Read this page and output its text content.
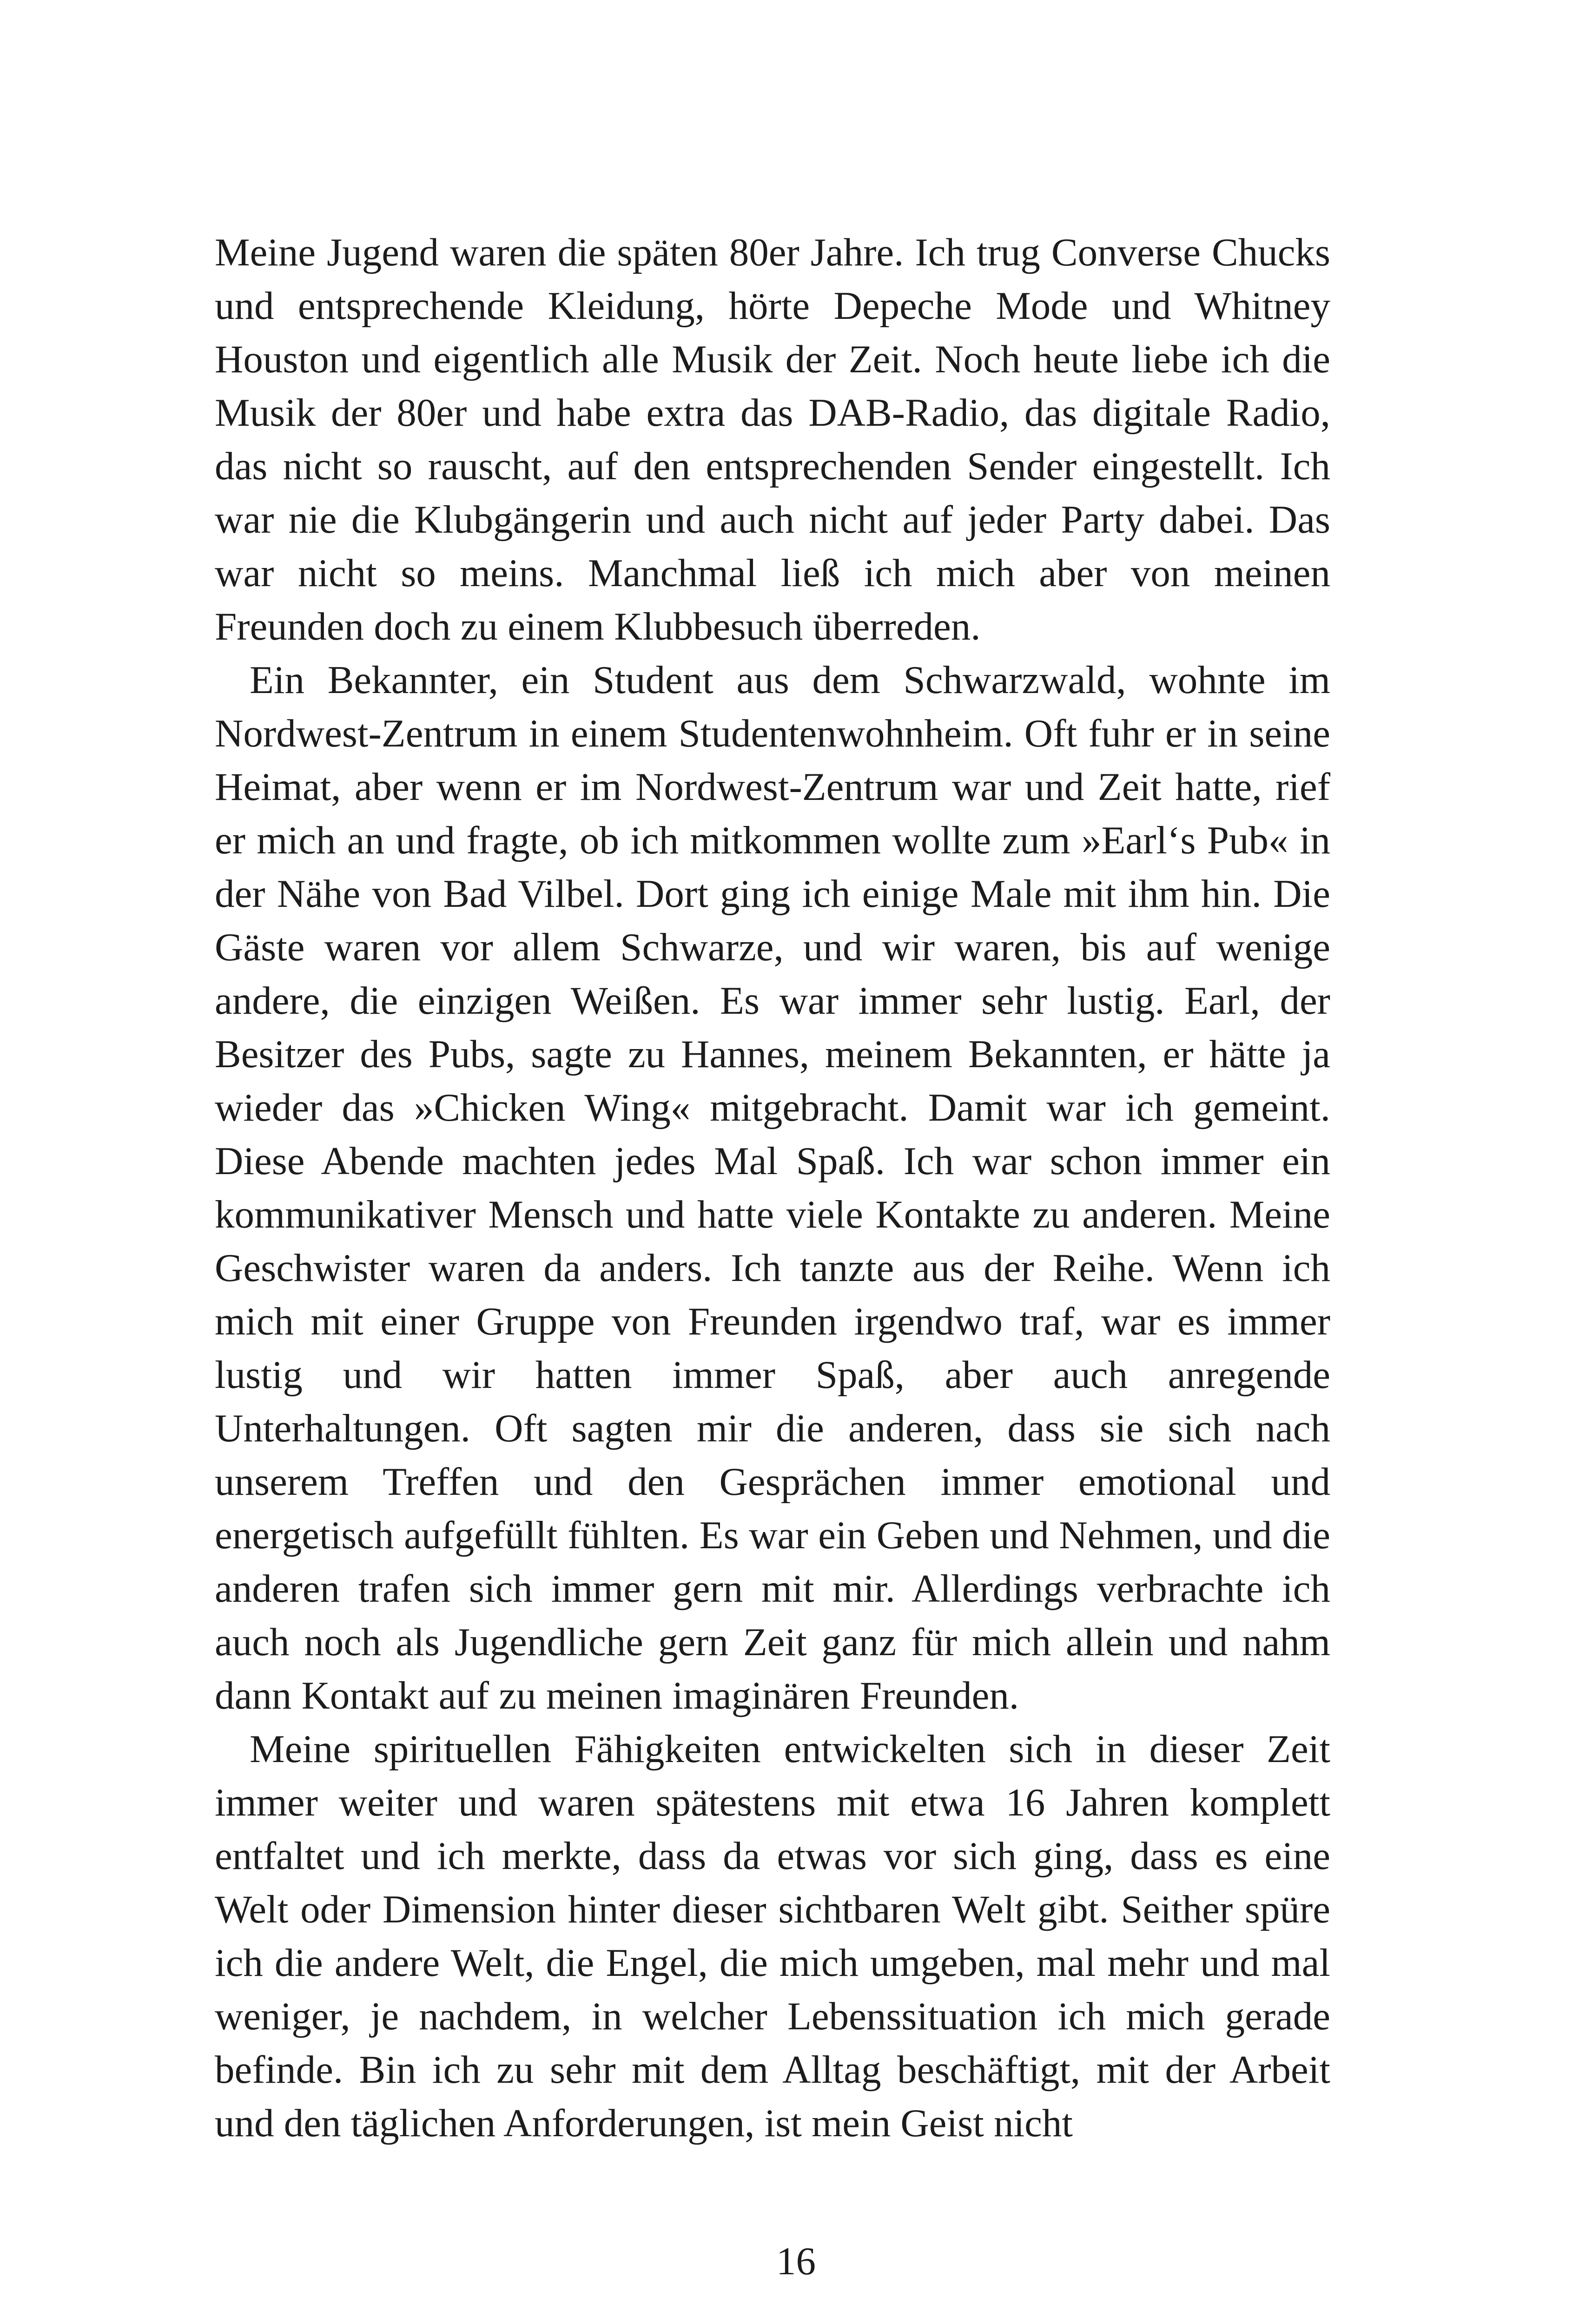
Meine Jugend waren die späten 80er Jahre. Ich trug Converse Chucks und entsprechende Kleidung, hörte Depeche Mode und Whitney Houston und eigentlich alle Musik der Zeit. Noch heute liebe ich die Musik der 80er und habe extra das DAB-Radio, das digitale Radio, das nicht so rauscht, auf den entsprechenden Sender eingestellt. Ich war nie die Klubgängerin und auch nicht auf jeder Party dabei. Das war nicht so meins. Manchmal ließ ich mich aber von meinen Freunden doch zu einem Klubbesuch überreden.

Ein Bekannter, ein Student aus dem Schwarzwald, wohnte im Nordwest-Zentrum in einem Studentenwohnheim. Oft fuhr er in seine Heimat, aber wenn er im Nordwest-Zentrum war und Zeit hatte, rief er mich an und fragte, ob ich mitkommen wollte zum »Earl‘s Pub« in der Nähe von Bad Vilbel. Dort ging ich einige Male mit ihm hin. Die Gäste waren vor allem Schwarze, und wir waren, bis auf wenige andere, die einzigen Weißen. Es war immer sehr lustig. Earl, der Besitzer des Pubs, sagte zu Hannes, meinem Bekannten, er hätte ja wieder das »Chicken Wing« mitgebracht. Damit war ich gemeint. Diese Abende machten jedes Mal Spaß. Ich war schon immer ein kommunikativer Mensch und hatte viele Kontakte zu anderen. Meine Geschwister waren da anders. Ich tanzte aus der Reihe. Wenn ich mich mit einer Gruppe von Freunden irgendwo traf, war es immer lustig und wir hatten immer Spaß, aber auch anregende Unterhaltungen. Oft sagten mir die anderen, dass sie sich nach unserem Treffen und den Gesprächen immer emotional und energetisch aufgefüllt fühlten. Es war ein Geben und Nehmen, und die anderen trafen sich immer gern mit mir. Allerdings verbrachte ich auch noch als Jugendliche gern Zeit ganz für mich allein und nahm dann Kontakt auf zu meinen imaginären Freunden.

Meine spirituellen Fähigkeiten entwickelten sich in dieser Zeit immer weiter und waren spätestens mit etwa 16 Jahren komplett entfaltet und ich merkte, dass da etwas vor sich ging, dass es eine Welt oder Dimension hinter dieser sichtbaren Welt gibt. Seither spüre ich die andere Welt, die Engel, die mich umgeben, mal mehr und mal weniger, je nachdem, in welcher Lebenssituation ich mich gerade befinde. Bin ich zu sehr mit dem Alltag beschäftigt, mit der Arbeit und den täglichen Anforderungen, ist mein Geist nicht

16
